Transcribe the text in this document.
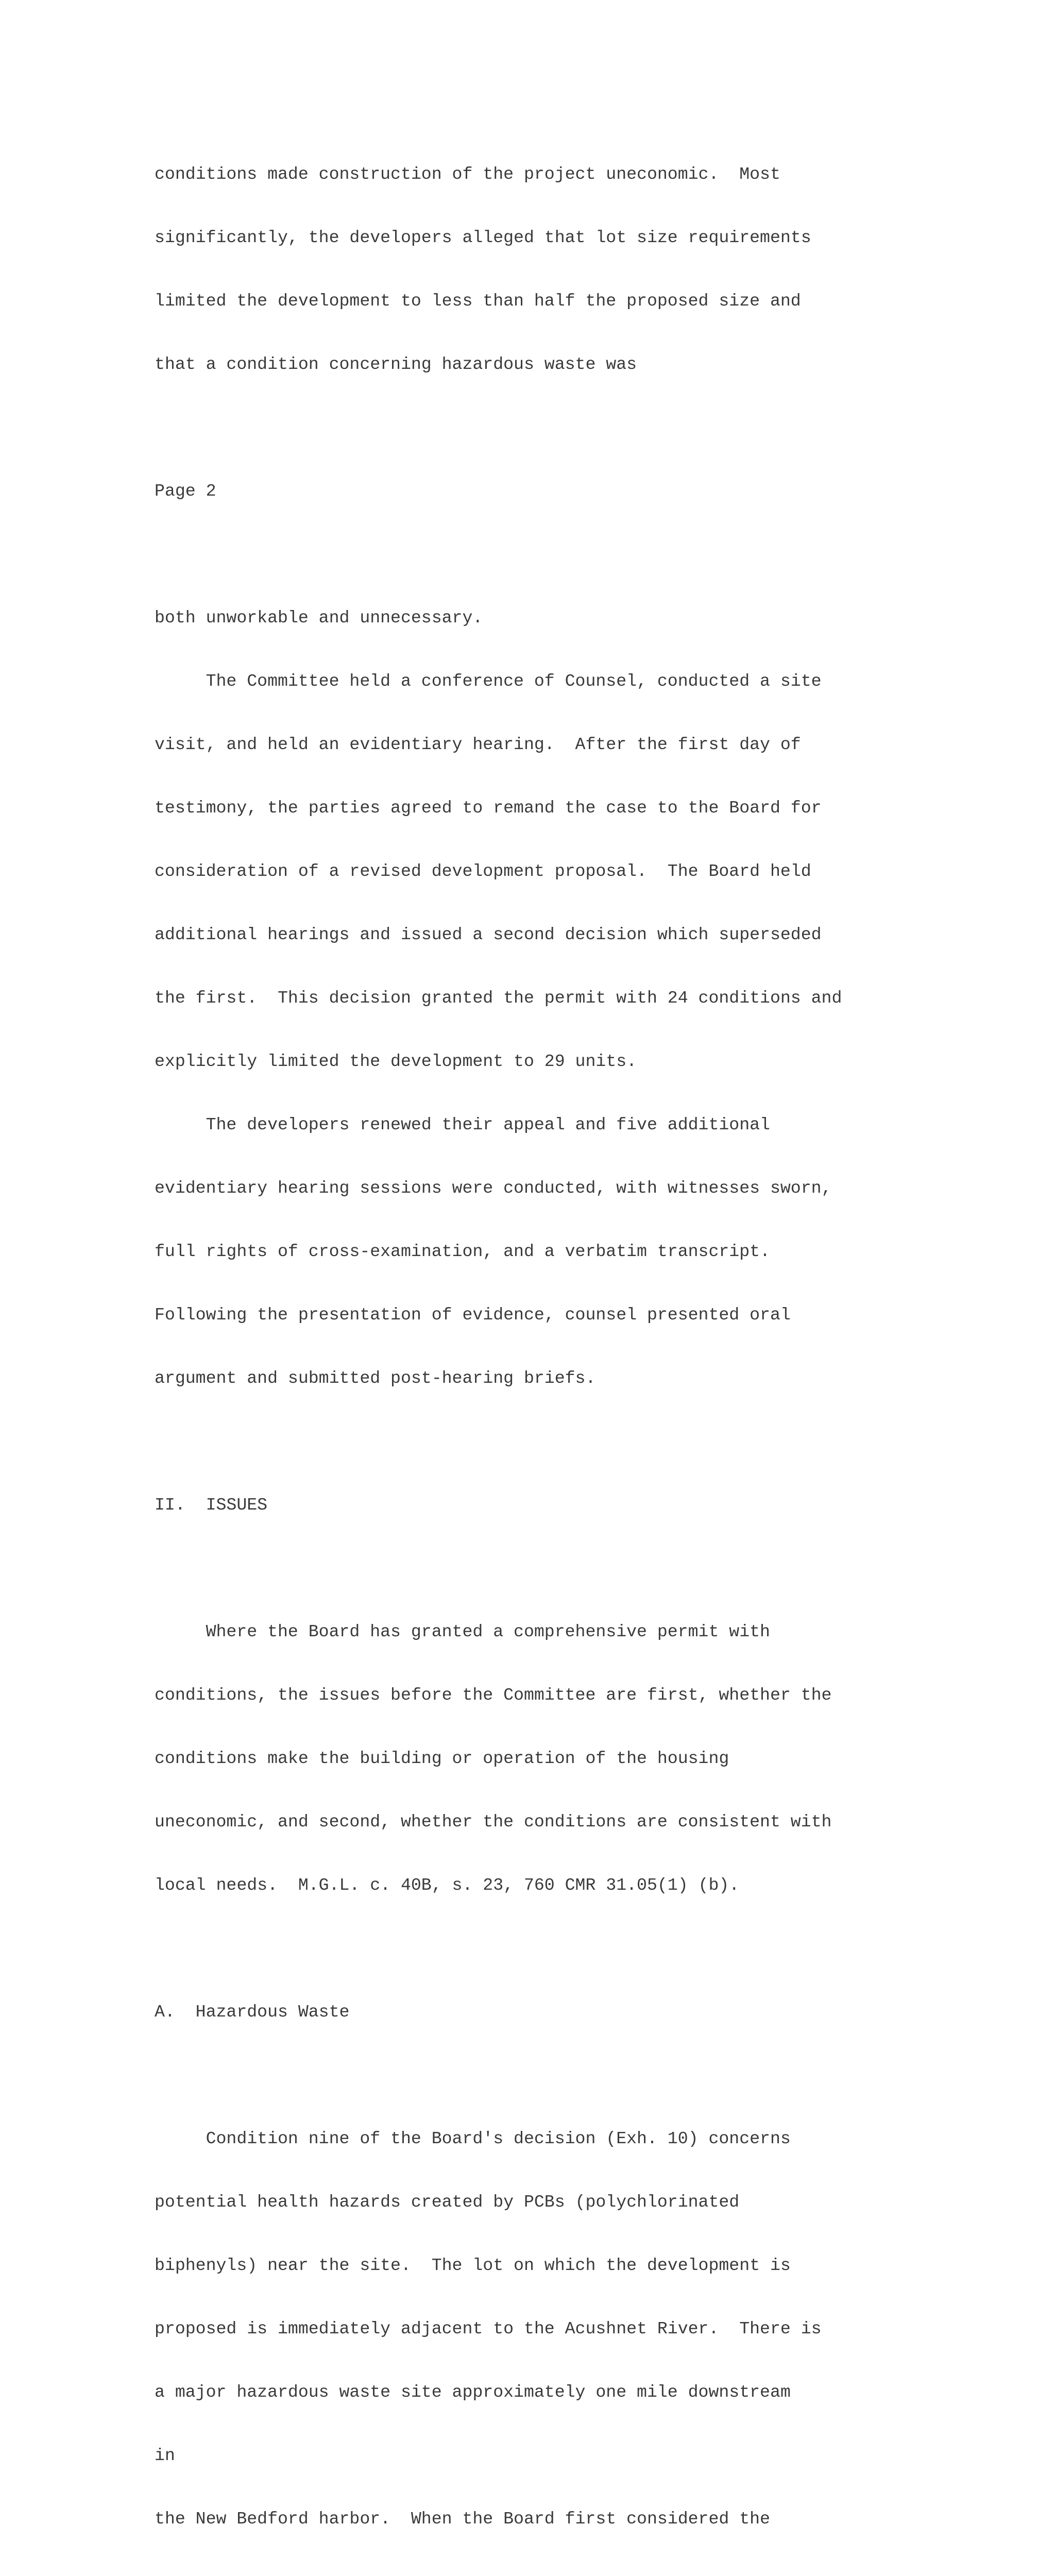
conditions made construction of the project uneconomic.  Most

significantly, the developers alleged that lot size requirements

limited the development to less than half the proposed size and

that a condition concerning hazardous waste was

Page 2

both unworkable and unnecessary.

The Committee held a conference of Counsel, conducted a site

visit, and held an evidentiary hearing.  After the first day of

testimony, the parties agreed to remand the case to the Board for

consideration of a revised development proposal.  The Board held

additional hearings and issued a second decision which superseded

the first.  This decision granted the permit with 24 conditions and

explicitly limited the development to 29 units.

The developers renewed their appeal and five additional

evidentiary hearing sessions were conducted, with witnesses sworn,

full rights of cross-examination, and a verbatim transcript.

Following the presentation of evidence, counsel presented oral

argument and submitted post-hearing briefs.

II.  ISSUES

Where the Board has granted a comprehensive permit with

conditions, the issues before the Committee are first, whether the

conditions make the building or operation of the housing

uneconomic, and second, whether the conditions are consistent with

local needs.  M.G.L. c. 40B, s. 23, 760 CMR 31.05(1) (b).

A.  Hazardous Waste

Condition nine of the Board's decision (Exh. 10) concerns

potential health hazards created by PCBs (polychlorinated

biphenyls) near the site.  The lot on which the development is

proposed is immediately adjacent to the Acushnet River.  There is

a major hazardous waste site approximately one mile downstream

in

the New Bedford harbor.  When the Board first considered the
